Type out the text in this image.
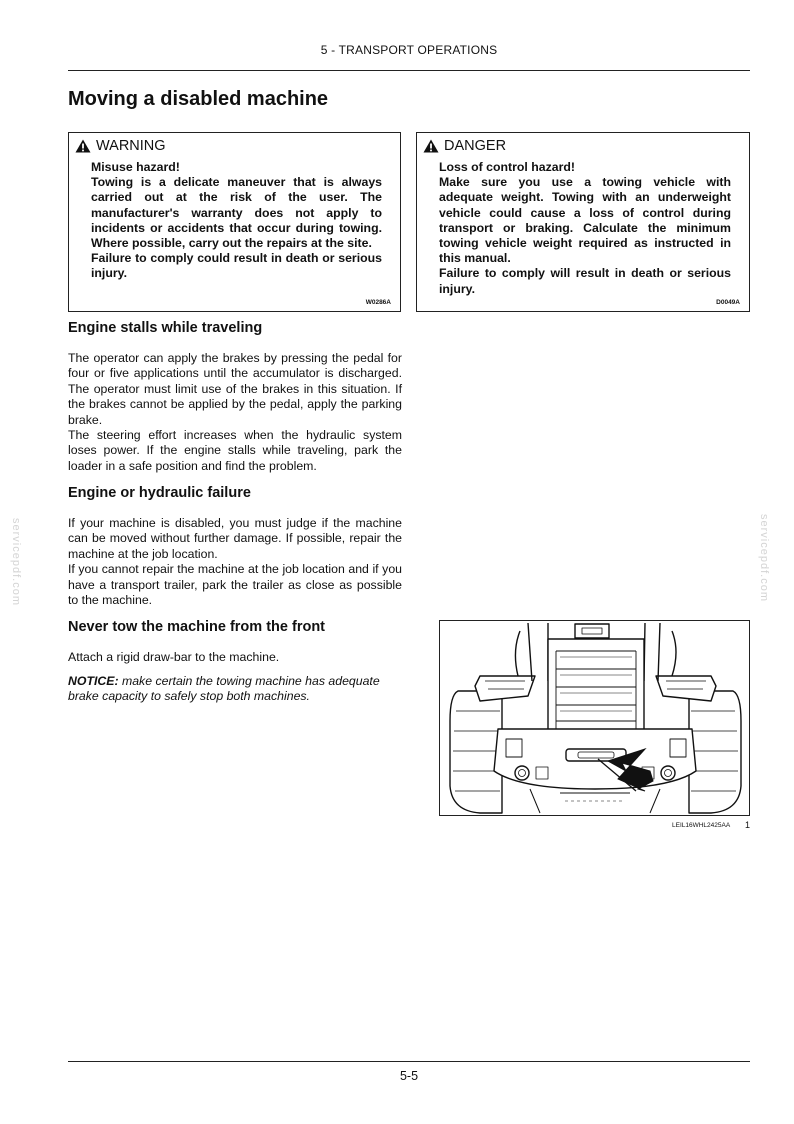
5 - TRANSPORT OPERATIONS
Moving a disabled machine
WARNING

Misuse hazard!

Towing is a delicate maneuver that is always carried out at the risk of the user. The manufacturer's warranty does not apply to incidents or accidents that occur during towing. Where possible, carry out the repairs at the site.

Failure to comply could result in death or serious injury.

W0286A
DANGER

Loss of control hazard!

Make sure you use a towing vehicle with adequate weight. Towing with an underweight vehicle could cause a loss of control during transport or braking. Calculate the minimum towing vehicle weight required as instructed in this manual.

Failure to comply will result in death or serious injury.

D0049A
Engine stalls while traveling
The operator can apply the brakes by pressing the pedal for four or five applications until the accumulator is discharged. The operator must limit use of the brakes in this situation. If the brakes cannot be applied by the pedal, apply the parking brake.
The steering effort increases when the hydraulic system loses power. If the engine stalls while traveling, park the loader in a safe position and find the problem.
Engine or hydraulic failure
If your machine is disabled, you must judge if the machine can be moved without further damage. If possible, repair the machine at the job location.
If you cannot repair the machine at the job location and if you have a transport trailer, park the trailer as close as possible to the machine.
Never tow the machine from the front

Attach a rigid draw-bar to the machine.

NOTICE: make certain the towing machine has adequate brake capacity to safely stop both machines.

LEIL16WHL2425AA 1
servicepdf.com	servicepdf.com
5-5
